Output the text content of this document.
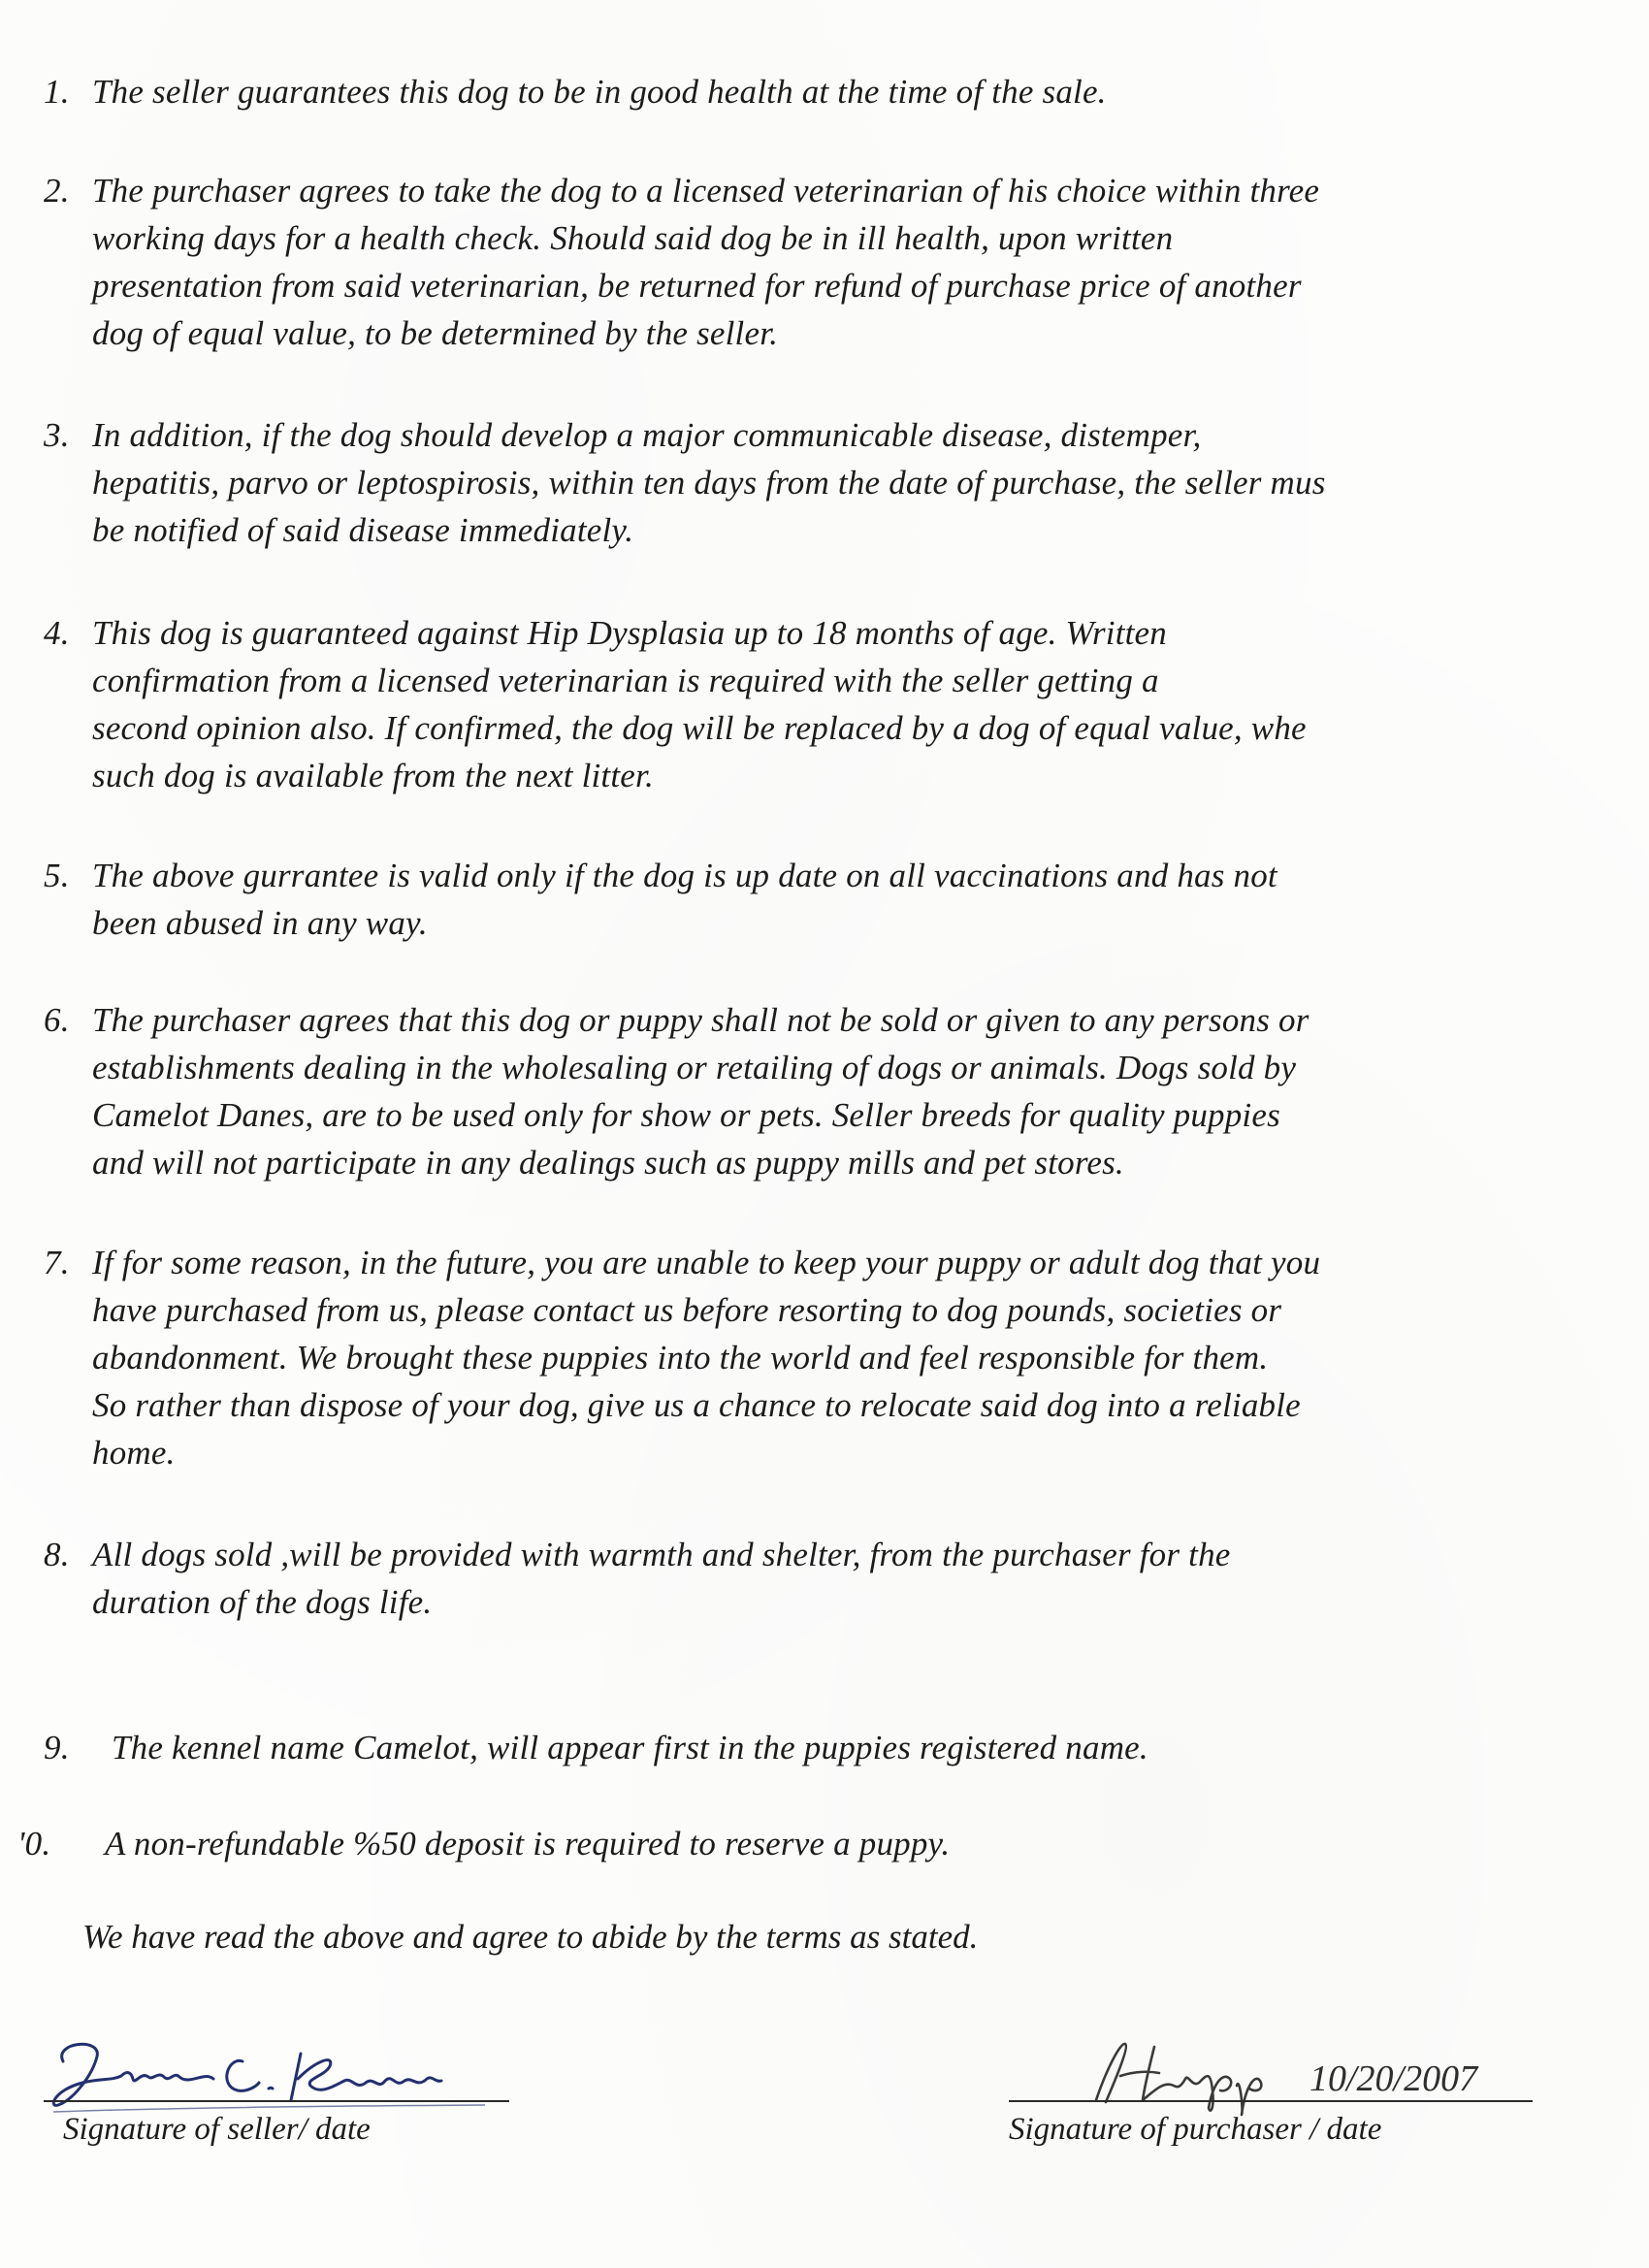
1. The seller guarantees this dog to be in good health at the time of the sale.
2. The purchaser agrees to take the dog to a licensed veterinarian of his choice within three
working days for a health check. Should said dog be in ill health, upon written
presentation from said veterinarian, be returned for refund of purchase price of another
dog of equal value, to be determined by the seller.
3. In addition, if the dog should develop a major communicable disease, distemper,
hepatitis, parvo or leptospirosis, within ten days from the date of purchase, the seller mus
be notified of said disease immediately.
4. This dog is guaranteed against Hip Dysplasia up to 18 months of age. Written
confirmation from a licensed veterinarian is required with the seller getting a
second opinion also. If confirmed, the dog will be replaced by a dog of equal value, whe
such dog is available from the next litter.
5. The above gurrantee is valid only if the dog is up date on all vaccinations and has not
been abused in any way.
6. The purchaser agrees that this dog or puppy shall not be sold or given to any persons or
establishments dealing in the wholesaling or retailing of dogs or animals. Dogs sold by
Camelot Danes, are to be used only for show or pets. Seller breeds for quality puppies
and will not participate in any dealings such as puppy mills and pet stores.
7. If for some reason, in the future, you are unable to keep your puppy or adult dog that you
have purchased from us, please contact us before resorting to dog pounds, societies or
abandonment. We brought these puppies into the world and feel responsible for them.
So rather than dispose of your dog, give us a chance to relocate said dog into a reliable
home.
8. All dogs sold ,will be provided with warmth and shelter, from the purchaser for the
duration of the dogs life.
9.	The kennel name Camelot, will appear first in the puppies registered name.
'0.	A non-refundable %50 deposit is required to reserve a puppy.
We have read the above and agree to abide by the terms as stated.
Signature of seller/ date
10/20/2007
Signature of purchaser / date
